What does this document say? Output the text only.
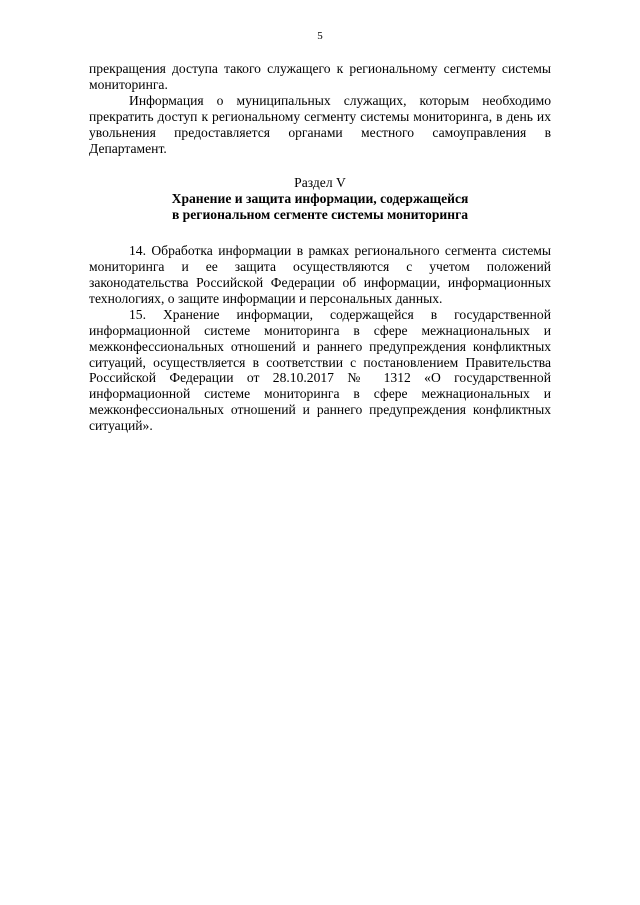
5

прекращения доступа такого служащего к региональному сегменту системы мониторинга.

Информация о муниципальных служащих, которым необходимо прекратить доступ к региональному сегменту системы мониторинга, в день их увольнения предоставляется органами местного самоуправления в Департамент.

Раздел V
Хранение и защита информации, содержащейся
в региональном сегменте системы мониторинга

14. Обработка информации в рамках регионального сегмента системы мониторинга и ее защита осуществляются с учетом положений законодательства Российской Федерации об информации, информационных технологиях, о защите информации и персональных данных.

15. Хранение информации, содержащейся в государственной информационной системе мониторинга в сфере межнациональных и межконфессиональных отношений и раннего предупреждения конфликтных ситуаций, осуществляется в соответствии с постановлением Правительства Российской Федерации от 28.10.2017 № 1312 «О государственной информационной системе мониторинга в сфере межнациональных и межконфессиональных отношений и раннего предупреждения конфликтных ситуаций».
